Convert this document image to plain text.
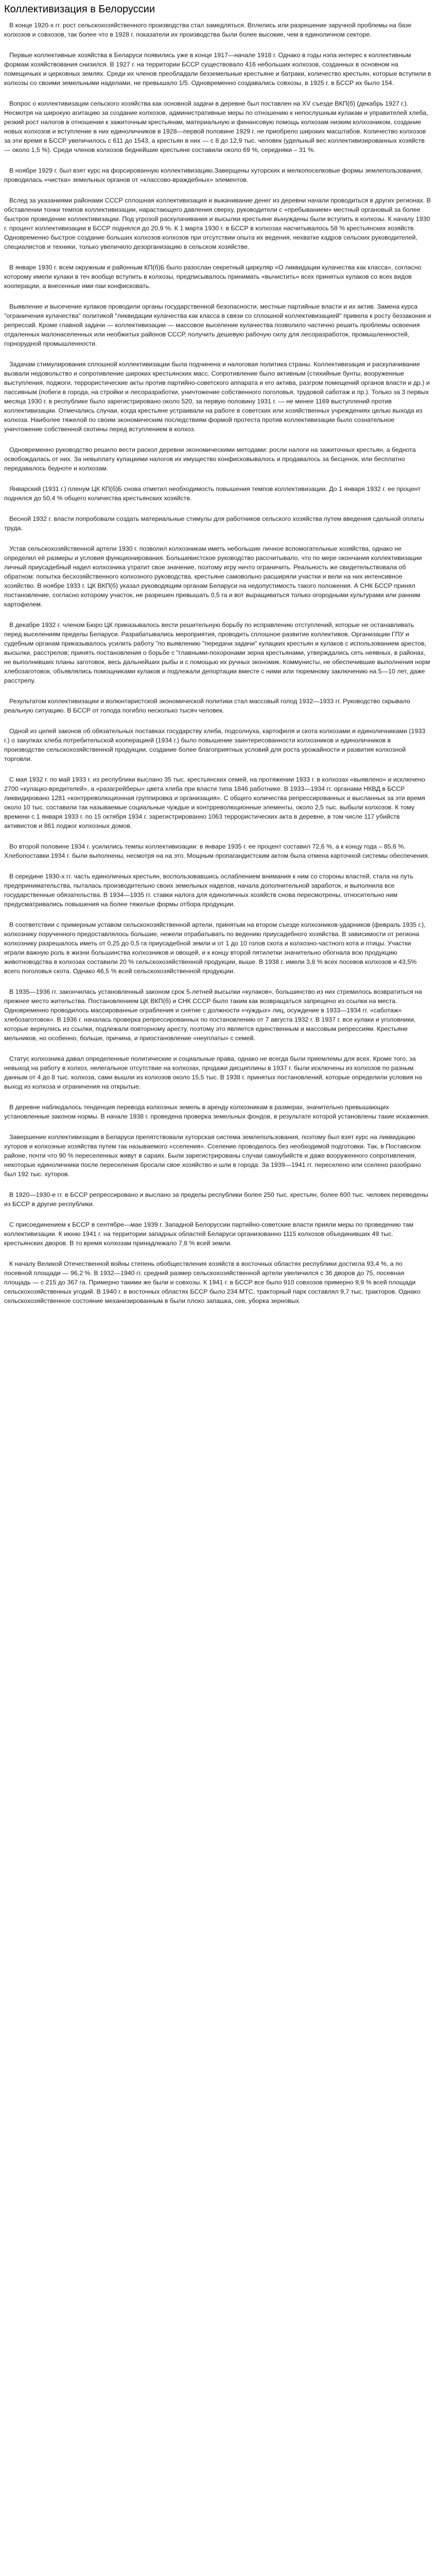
Коллективизация в Белоруссии

В конце 1920-х гг. рост сельскохозяйственного производства стал замедляться. Вплелись или разрешение заручной проблемы на базе колхозов и совхозов, так более что в 1928 г. показатели их производства были более высокие, чем в единоличном секторе.

Первые коллективные хозяйства в Беларуси появились уже в конце 1917—начале 1918 г. Однако в годы нэпа интерес к коллективным формам хозяйствования снизился. В 1927 г. на территории БССР существовало 416 небольших колхозов, созданных в основном на помещичьих и церковных землях. Среди их членов преобладали безземельные крестьяне и батраки, количество крестьян, которые вступили в колхозы со своими земельными наделами, не превышало 1/5. Одновременно создавались совхозы, в 1925 г. в БССР их было 154.

Вопрос о коллективизации сельского хозяйства как основной задачи в деревне был поставлен на XV съезде ВКП(б) (декабрь 1927 г.). Несмотря на широкую агитацию за создание колхозов, административные меры по отношению к непослушным кулакам и управителей хлеба, резкий рост налогов в отношении к зажиточным крестьянам, материальную и финансовую помощь колхозам низким колхозником, создание новых колхозов и вступление в них единоличников в 1928—первой половине 1929 г. не приобрело широких масштабов. Количество колхозов за эти время в БССР увеличилось с 611 до 1543, а крестьян в них — с 8 до 12,9 тыс. человек (удельный вес коллективизированных хозяйств — около 1,5 %). Среди членов колхозов беднейшие крестьяне составили около 69 %, середняки – 31 %.

В ноябре 1929 г. был взят курс на форсированную коллективизацию.Заверщены хуторских и мелкопоселковые формы землепользования, проводилась «чистка» земельных органов от «классово-враждебных» элементов.

Вслед за указаниями районами СССР сплошная коллективизация и выкачивание денег из деревни начали проводиться в других регионах. В обставлении тонки темпов коллективизации, нарастающего давления сверху, руководители с «пребыванием» местный органовый за более быстрое проведение коллективизации. Под угрозой раскулачивания и высылки крестьяне вынуждены были вступить в колхозы. К началу 1930 г. процент коллективизации в БССР поднялся до 20,9 %. К 1 марта 1930 г. в БССР в колхозах насчитывалось 58 % крестьянских хозяйств. Одновременно быстрое создание больших колхозов колхозов при отсутствии опыта их ведения, нехватке кадров сельских руководителей, специалистов и техники, только увеличило дезорганизацию в сельском хозяйстве.

В январе 1930 г. всем окружным и районным КП(б)Б было разослан секретный циркуляр «О ликвидации кулачества как класса», согласно которому имели кулаки в теч вообще вступить в колхозы, предписывалось принимать «вычистить» всех принятых кулаков со всех видов кооперации, а внесенные ими паи конфисковать.

Выявление и высечение кулаков проводили органы государственной безопасности, местные партийные власти и их актив. Замена курса "ограничения кулачества" политикой "ликвидации кулачества как класса в связи со сплошной коллективизацией" привела к росту беззакония и репрессий. Кроме главной задачи — коллективизации — массовое выселение кулачества позволило частично решить проблемы освоения отдаленных малонаселенных или необжитых районов СССР, получить дешевую рабочую силу для лесоразработок, промышленностей, горнорудной промышленности.

Задачам стимулирования сплошной коллективизации была подчинена и налоговая политика страны. Коллективизация и раскулачивание вызвали недовольство и сопротивление широких крестьянских масс. Сопротивление было активным (стихийные бунты, вооруженные выступления, поджоги, террористические акты против партийно-советского аппарата и его актива, разгром помещений органов власти и др.) и пассивным (побеги в города, на стройки и лесоразработки, уничтожение собственного поголовья, трудовой саботаж и пр.). Только за 3 первых месяца 1930 г. в республике было зарегистрировано около 520, за первую половину 1931 г. — не менее 1169 выступлений против коллективизации. Отмечались случаи, когда крестьяне устраивали на работе в советских или хозяйственных учреждениях целью выхода из колхоза. Наиболее тяжелой по своим экономическим последствиям формой протеста против коллективизации было сознательное уничтожение собственной скотины перед вступлением в колхоз.

Одновременно руководство решило вести раскол деревни экономическими методами: росли налоги на зажиточных крестьян, а беднота освобождалась от них. За невыплату кулацкими налогов их имущество конфисковывалось и продавалось за бесценок, или бесплатно передавалось бедноте и колхозам.

Январский (1931 г.) пленум ЦК КП(б)Б снова отметил необходимость повышения темпов коллективизации. До 1 января 1932 г. ее процент поднялся до 50,4 % общего количества крестьянских хозяйств.

Весной 1932 г. власти попробовали создать материальные стимулы для работников сельского хозяйства путем введения сдельной оплаты труда.

Устав сельскохозяйственной артели 1930 г. позволил колхозникам иметь небольшие личное вспомогательные хозяйства, однако не определил её размеры и условия функционирования. Большевистское руководство рассчитывало, что по мере окончания коллективизации личный приусадебный надел колхозника утратит свое значение, поэтому игру ничто ограничить. Реальность же свидетельствовала об обратном: попытка бесхозяйственного колхозного руководства, крестьяне самовольно расширяли участки и вели на них интенсивное хозяйство. В ноябре 1933 г. ЦК ВКП(б) указал руководящим органам Беларуси на недопустимость такого положения. А СНК БССР принял постановление, согласно которому участок, не разрешен превышать 0,5 га и вот выращиваться только огородными культурами или ранним картофелем.

В декабре 1932 г. членом Бюро ЦК приказывалось вести решительную борьбу по исправлению отступлений, которые не останавливать перед выселениям пределы Беларуси. Разрабатывались мероприятия, проводить сплошное развитие коллективов. Организации ГПУ и судебным органам приказывалось усилить работу "по выявлению "передачи задачи" кулацких крестьян и кулаков с использованием арестов, высылки, расстрелов; принять постановления о борьбе с "главными-похоронами зерна крестьянами, утверждались сеть неявных, в районах, не выполнивших планы заготовок, весь дальнейших рыбы и с помощью их ручных экономик. Коммунисты, не обеспечившие выполнения норм хлебозаготовок, объявлялись помощниками кулаков и подлежали депортации вместе с ними или тюремному заключению на 5—10 лет, даже расстрелу.

Результатом коллективизации и волюнтаристской экономической политики стал массовый голод 1932—1933 гг. Руководство скрывало реальную ситуацию. В БССР от голода погибло несколько тысяч человек.

Одной из целей законов об обязательных поставках государству хлеба, подсолнуха, картофеля и скота колхозами и единоличниками (1933 г.) о закупках хлеба потребительской кооперацией (1934 г.) было повышение заинтересованности колхозников и единоличников в производстве сельскохозяйственной продукции, создание более благоприятных условий для роста урожайности и развития колхозной торговли.

С мая 1932 г. по май 1933 г. из республики выслано 35 тыс. крестьянских семей, на протяжении 1933 г. в колхозах «выявлено» и исключено 2700 «кулацко-вредителей», а «разагрейберы» цвета хлеба при власти типа 1846 работнике. В 1933—1934 гг. органами НКВД в БССР ликвидировано 1281 «контрреволюционная группировка и организация». С общего количества репрессированных и высланных за эти время около 10 тыс. составили так называемые социальные чуждые и контрреволюционные элементы, около 2,5 тыс. выбыли колхозов. К тому времени с 1 января 1933 г. по 15 октября 1934 г. зарегистрированно 1063 террористических акта в деревне, в том числе 117 убийств активистов и 861 поджог колхозных домов.

Во второй половине 1934 г. усилились темпы коллективизации: в январе 1935 г. ее процент составил 72,6 %, а к концу года – 85,6 %. Хлебопоставки 1934 г. были выполнены, несмотря на на это. Мощным пропагандистским актом была отмена карточной системы обеспечения.

В середине 1930-х гг. часть единоличных крестьян, воспользовавшись ослаблением внимания к ним со стороны властей, стала на путь предпринимательства, пыталась производительно своих земельных наделов, начала дополнительной заработок, и выполнила все государственные обязательства. В 1934—1935 гг. ставки налога для единоличных хозяйств снова пересмотрены, относительно ним предусматривались повышения на более тяжелые формы отбора продукции.

В соответствии с примерным уставом сельскохозяйственной артели, принятым на втором съезде колхозников-ударников (февраль 1935 г.), колхознику порученного предоставлялось большие, нежели отрабатывать по ведению приусадебного хозяйства. В зависимости от региона колхознику разрешалось иметь от 0,25 до 0,5 га приусадебной земли и от 1 до 10 голов скота и колхозно-частного кота и птицы. Участки играли важную роль в жизни большинства колхозников и овощей, и к концу второй пятилетки значительно обогнала всю продукцию животноводства в колхозах составили 20 % сельскохозяйственной продукции, выше. В 1938 г. имели 3,8 % всех посевов колхозов и 43,5% всего поголовья скота. Однако 46,5 % всей сельскохозяйственной продукции.

В 1935—1936 гг. закончилась установленный законом срок 5-летней высылки «кулаков», большинство из них стремилось возвратиться на прежнее место жительства. Постановлением ЦК ВКП(б) и СНК СССР было таким как возвращаться запрещено из ссылки на места. Одновременно проводилось массированные ограбления и снятие с должности «чуждых» лиц, осуждение в 1933—1934 гг. «саботаж» хлебозаготовок». В 1936 г. началась проверка репрессированных по постановлению от 7 августа 1932 г. В 1937 г. все кулаки и уголовники, которые вернулись из ссылки, подлежали повторному аресту, поэтому это является единственным и массовым репрессиям. Крестьяне мельников, но особенно, больше, причина, и приостановление «неуплаты» с семей.

Статус колхозника давал определенные политические и социальные права, однако не всегда были приемлемы для всех. Кроме того, за невыход на работу в колхоз, нелегальное отсутствие на колхозах, продажи дисциплины в 1937 г. были исключены из колхозов по разным данным от 4 до 8 тыс. колхоза, сами вышли из колхозов около 15,5 тыс. В 1938 г. принятых постановлений, которые определили условия на выход из колхоза и ограничения на открытые.

В деревне наблюдалось тенденция перевода колхозных земель в аренду колхозникам в размерах, значительно превышающих установленные законом нормы. В начале 1938 г. проведена проверка земельных фондов, в результате которой установлены такие искажения.

Завершение коллективизации в Беларуси препятствовали хуторская система землепользования, поэтому был взят курс на ликвидацию хуторов и колхозные хозяйства путем так называемого «сселения». Сселение проводилось без необходимой подготовки. Так, в Поставском районе, почти что 90 % переселенных живут в сараях. Были зарегистрированы случаи самоубийств и даже вооруженного сопротивления, некоторые единоличники после переселения бросали свое хозяйство и шли в города. За 1939—1941 гг. переселено или сселено разобрано был 192 тыс. хуторов.

В 1920—1930-е гг. в БССР репрессировано и выслано за пределы республики более 250 тыс. крестьян, более 600 тыс. человек переведены из БССР в другие республики.

С присоединением к БССР в сентябре—мае 1939 г. Западной Белоруссии партийно-советские власти прияли меры по проведению там коллективизации. К июню 1941 г. на территории западных областей Беларуси организованно 1115 колхозов объединивших 49 тыс. крестьянских дворов. В то время колхозам принадлежало 7,8 % всей земли.

К началу Великой Отечественной войны степень обобществления хозяйств в восточных областях республики достигла 93,4 %, а по посевной площади — 96,2 %. В 1932—1940 гг. средний размер сельскохозяйственной артели увеличился с 36 дворов до 75, посевная площадь — с 215 до 367 га. Примерно такими же были и совхозы. К 1941 г. в БССР все было 910 совхозов примерно 9,9 % всей площади сельскохозяйственных угодий. В 1940 г. в восточных областях БССР было 234 МТС, тракторный парк составлял 9,7 тыс. тракторов. Однако сельскохозяйственное состояние механизированным в были плохо запашка, сев, уборка зерновых.
